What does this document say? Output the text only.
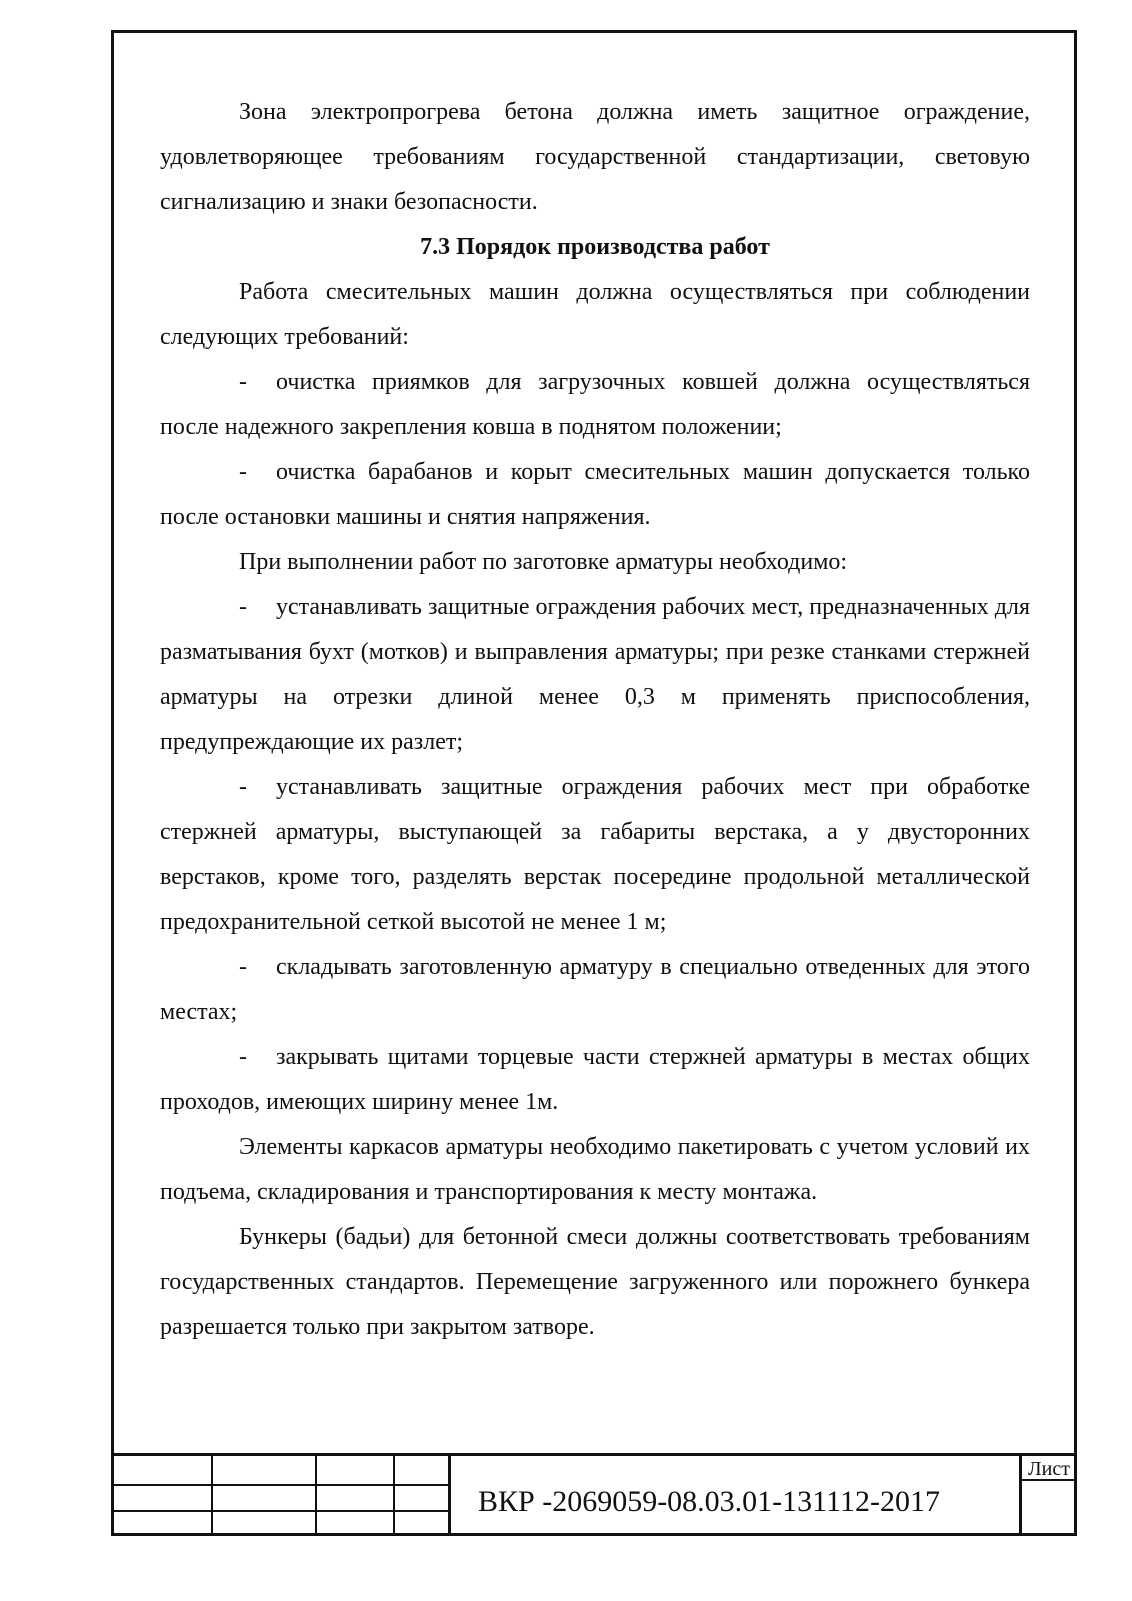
Зона электропрогрева бетона должна иметь защитное ограждение, удовлетворяющее требованиям государственной стандартизации, световую сигнализацию и знаки безопасности.

7.3 Порядок производства работ

Работа смесительных машин должна осуществляться при соблюдении следующих требований:

- очистка приямков для загрузочных ковшей должна осуществляться после надежного закрепления ковша в поднятом положении;

- очистка барабанов и корыт смесительных машин допускается только после остановки машины и снятия напряжения.

При выполнении работ по заготовке арматуры необходимо:

- устанавливать защитные ограждения рабочих мест, предназначенных для разматывания бухт (мотков) и выправления арматуры; при резке станками стержней арматуры на отрезки длиной менее 0,3 м применять приспособления, предупреждающие их разлет;

- устанавливать защитные ограждения рабочих мест при обработке стержней арматуры, выступающей за габариты верстака, а у двусторонних верстаков, кроме того, разделять верстак посередине продольной металлической предохранительной сеткой высотой не менее 1 м;

- складывать заготовленную арматуру в специально отведенных для этого местах;

- закрывать щитами торцевые части стержней арматуры в местах общих проходов, имеющих ширину менее 1м.

Элементы каркасов арматуры необходимо пакетировать с учетом условий их подъема, складирования и транспортирования к месту монтажа.

Бункеры (бадьи) для бетонной смеси должны соответствовать требованиям государственных стандартов. Перемещение загруженного или порожнего бункера разрешается только при закрытом затворе.

ВКР -2069059-08.03.01-131112-2017
Лист
